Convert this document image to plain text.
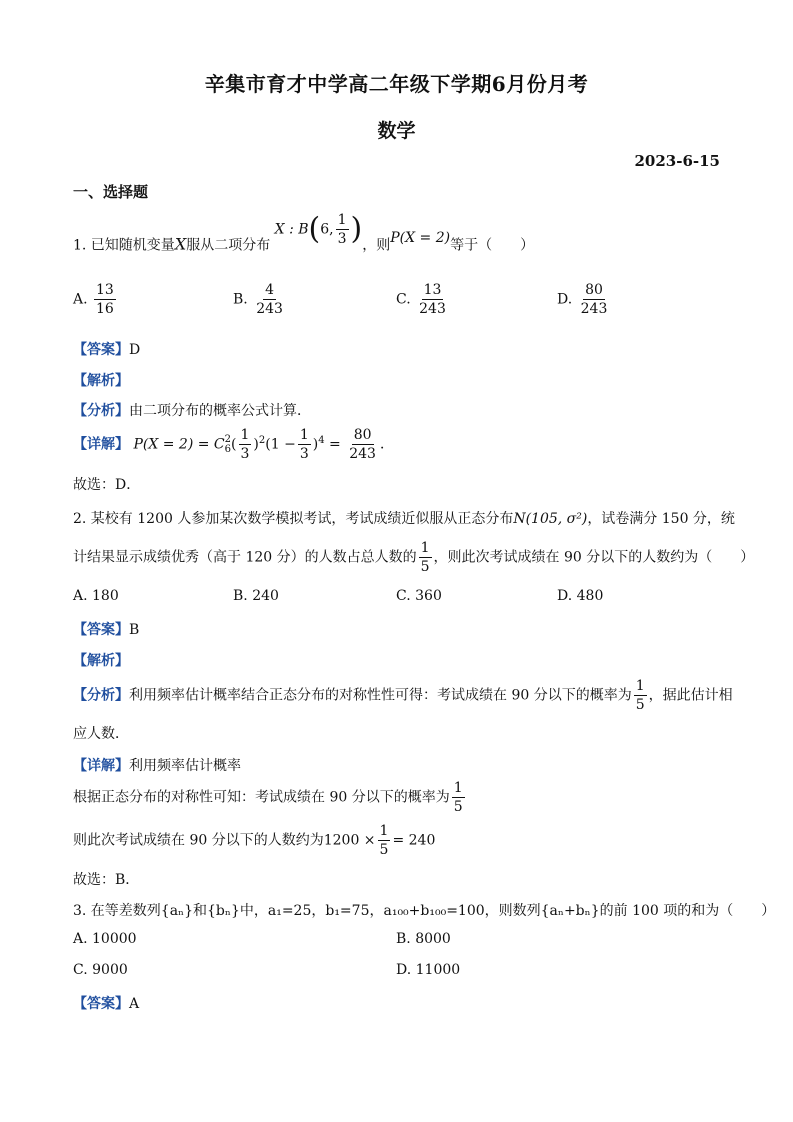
辛集市育才中学高二年级下学期6月份月考
数学
2023-6-15
一、选择题
1. 已知随机变量X服从二项分布 X : B(6, $\frac{1}{3}$ )，则P(X = 2)等于（　　）
A. $\frac{13}{16}$	B. $\frac{4}{243}$	C. $\frac{13}{243}$	D. $\frac{80}{243}$
【答案】D
【解析】
【分析】由二项分布的概率公式计算．
【详解】 P(X = 2) = C 2
6 ( $\frac{1}{3} )^2(1 - \frac{1}{3} )^4 = \frac{80}{243}$ ．
故选：D．
2. 某校有 1200 人参加某次数学模拟考试，考试成绩近似服从正态分布N(105, σ²)，试卷满分 150 分，统
计结果显示成绩优秀（高于 120 分）的人数占总人数的 $\frac{1}{5}$ ，则此次考试成绩在 90 分以下的人数约为（　　）
A. 180	B. 240	C. 360	D. 480
【答案】B
【解析】
【分析】利用频率估计概率结合正态分布的对称性性可得：考试成绩在 90 分以下的概率为 $\frac{1}{5}$ ，据此估计相
应人数．
【详解】利用频率估计概率
根据正态分布的对称性可知：考试成绩在 90 分以下的概率为 $\frac{1}{5}$
则此次考试成绩在 90 分以下的人数约为$1200 \times \frac{1}{5} = 240$
故选：B．
3. 在等差数列{aₙ}和{bₙ}中，a₁=25，b₁=75，a₁₀₀+b₁₀₀=100，则数列{aₙ+bₙ}的前 100 项的和为（　　）
A. 10000	B. 8000
C. 9000	D. 11000
【答案】A
